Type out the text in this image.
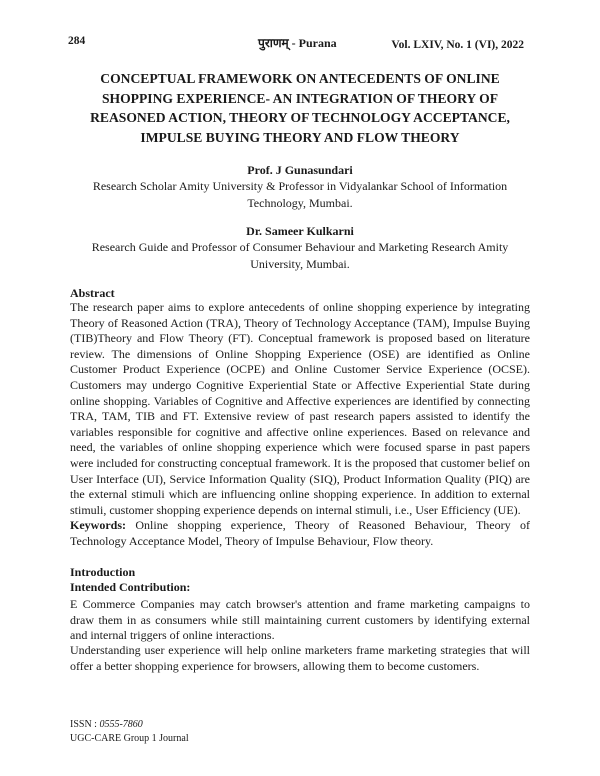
284	पुराणम् - Purana	Vol. LXIV, No. 1 (VI), 2022
CONCEPTUAL FRAMEWORK ON ANTECEDENTS OF ONLINE SHOPPING EXPERIENCE- AN INTEGRATION OF THEORY OF REASONED ACTION, THEORY OF TECHNOLOGY ACCEPTANCE, IMPULSE BUYING THEORY AND FLOW THEORY
Prof. J Gunasundari
Research Scholar Amity University & Professor in Vidyalankar School of Information Technology, Mumbai.
Dr. Sameer Kulkarni
Research Guide and Professor of Consumer Behaviour and Marketing Research Amity University, Mumbai.
Abstract

The research paper aims to explore antecedents of online shopping experience by integrating Theory of Reasoned Action (TRA), Theory of Technology Acceptance (TAM), Impulse Buying (TIB)Theory and Flow Theory (FT). Conceptual framework is proposed based on literature review. The dimensions of Online Shopping Experience (OSE) are identified as Online Customer Product Experience (OCPE) and Online Customer Service Experience (OCSE). Customers may undergo Cognitive Experiential State or Affective Experiential State during online shopping. Variables of Cognitive and Affective experiences are identified by connecting TRA, TAM, TIB and FT. Extensive review of past research papers assisted to identify the variables responsible for cognitive and affective online experiences. Based on relevance and need, the variables of online shopping experience which were focused sparse in past papers were included for constructing conceptual framework. It is the proposed that customer belief on User Interface (UI), Service Information Quality (SIQ), Product Information Quality (PIQ) are the external stimuli which are influencing online shopping experience. In addition to external stimuli, customer shopping experience depends on internal stimuli, i.e., User Efficiency (UE).

Keywords: Online shopping experience, Theory of Reasoned Behaviour, Theory of Technology Acceptance Model, Theory of Impulse Behaviour, Flow theory.

Introduction
Intended Contribution:

E Commerce Companies may catch browser's attention and frame marketing campaigns to draw them in as consumers while still maintaining current customers by identifying external and internal triggers of online interactions.

Understanding user experience will help online marketers frame marketing strategies that will offer a better shopping experience for browsers, allowing them to become customers.

ISSN : 0555-7860
UGC-CARE Group 1 Journal
